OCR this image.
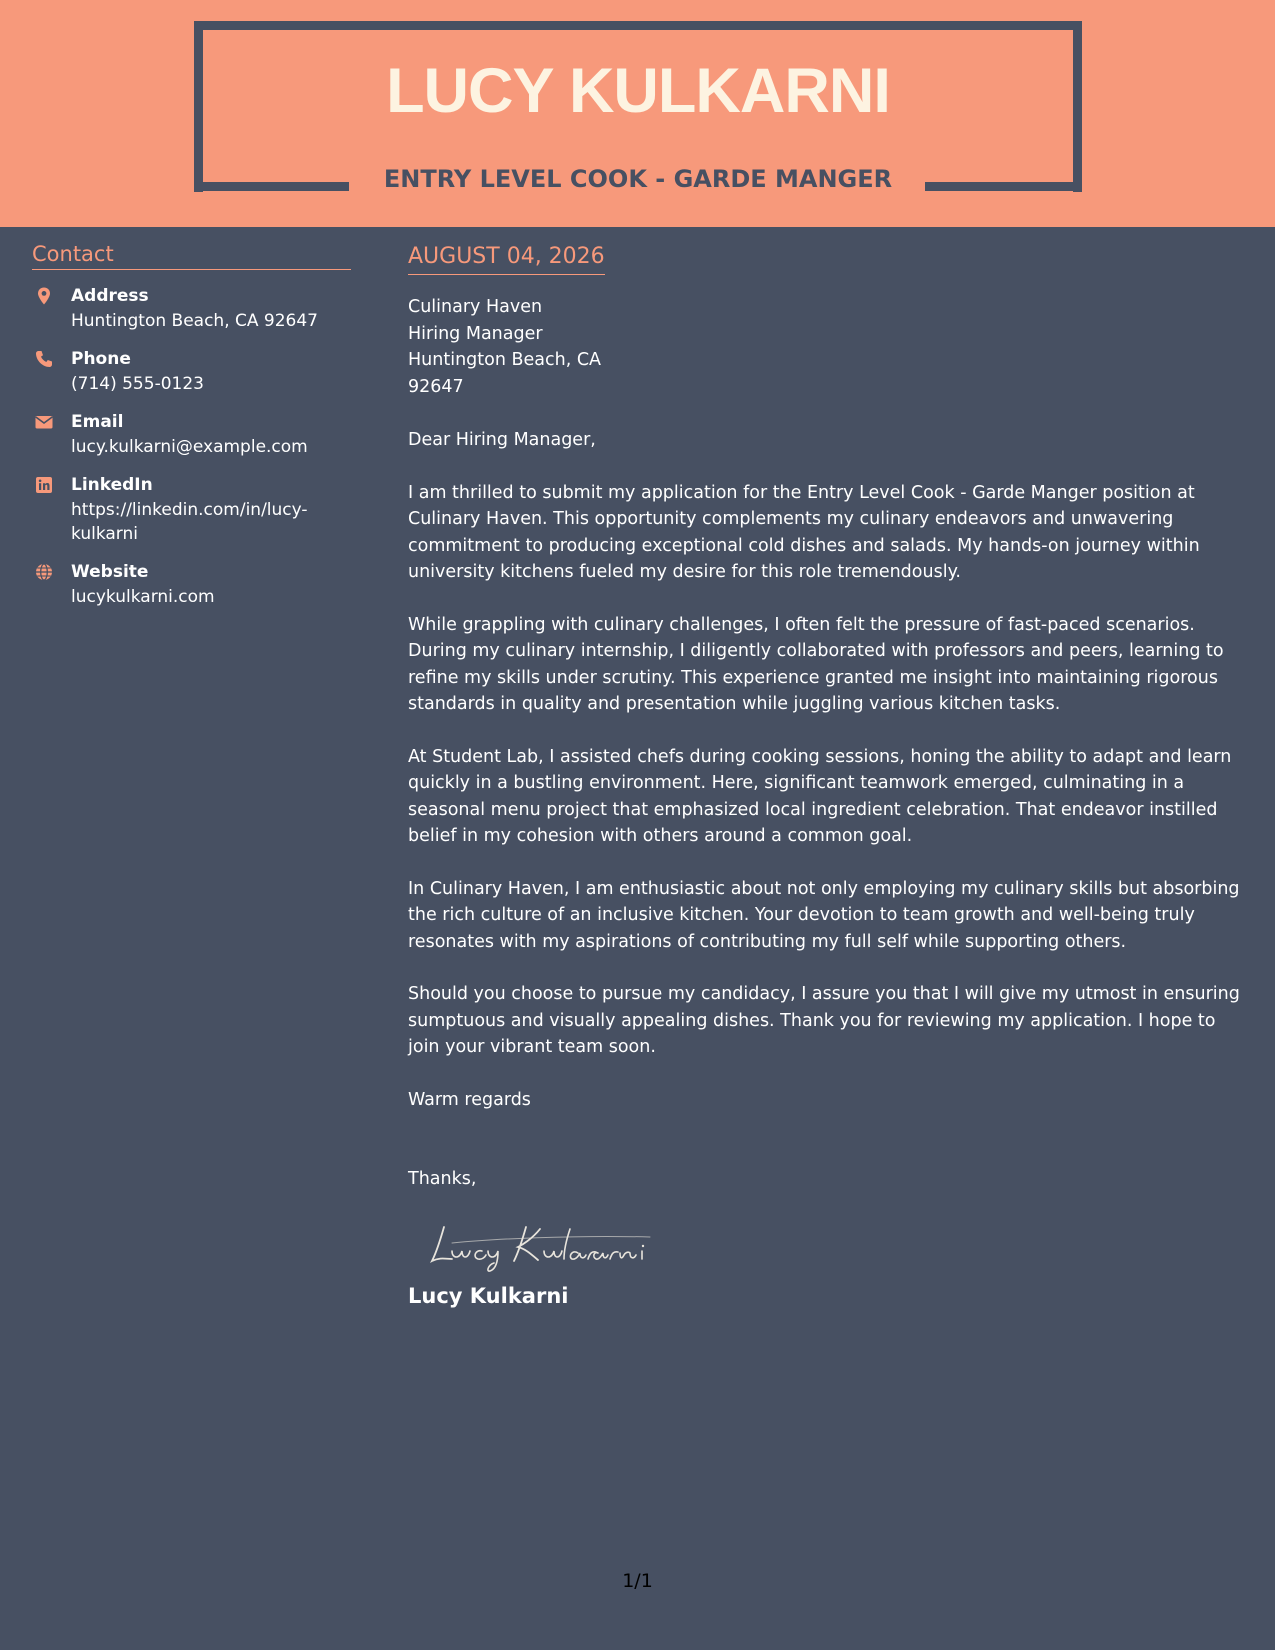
LUCY KULKARNI
ENTRY LEVEL COOK - GARDE MANGER
Contact
Address
Huntington Beach, CA 92647
Phone
(714) 555-0123
Email
lucy.kulkarni@example.com
LinkedIn
https://linkedin.com/in/lucy-kulkarni
Website
lucykulkarni.com
AUGUST 04, 2026
Culinary Haven
Hiring Manager
Huntington Beach, CA
92647
Dear Hiring Manager,
I am thrilled to submit my application for the Entry Level Cook - Garde Manger position at Culinary Haven. This opportunity complements my culinary endeavors and unwavering commitment to producing exceptional cold dishes and salads. My hands-on journey within university kitchens fueled my desire for this role tremendously.
While grappling with culinary challenges, I often felt the pressure of fast-paced scenarios. During my culinary internship, I diligently collaborated with professors and peers, learning to refine my skills under scrutiny. This experience granted me insight into maintaining rigorous standards in quality and presentation while juggling various kitchen tasks.
At Student Lab, I assisted chefs during cooking sessions, honing the ability to adapt and learn quickly in a bustling environment. Here, significant teamwork emerged, culminating in a seasonal menu project that emphasized local ingredient celebration. That endeavor instilled belief in my cohesion with others around a common goal.
In Culinary Haven, I am enthusiastic about not only employing my culinary skills but absorbing the rich culture of an inclusive kitchen. Your devotion to team growth and well-being truly resonates with my aspirations of contributing my full self while supporting others.
Should you choose to pursue my candidacy, I assure you that I will give my utmost in ensuring sumptuous and visually appealing dishes. Thank you for reviewing my application. I hope to join your vibrant team soon.
Warm regards
Thanks,
Lucy Kulkarni
1/1
